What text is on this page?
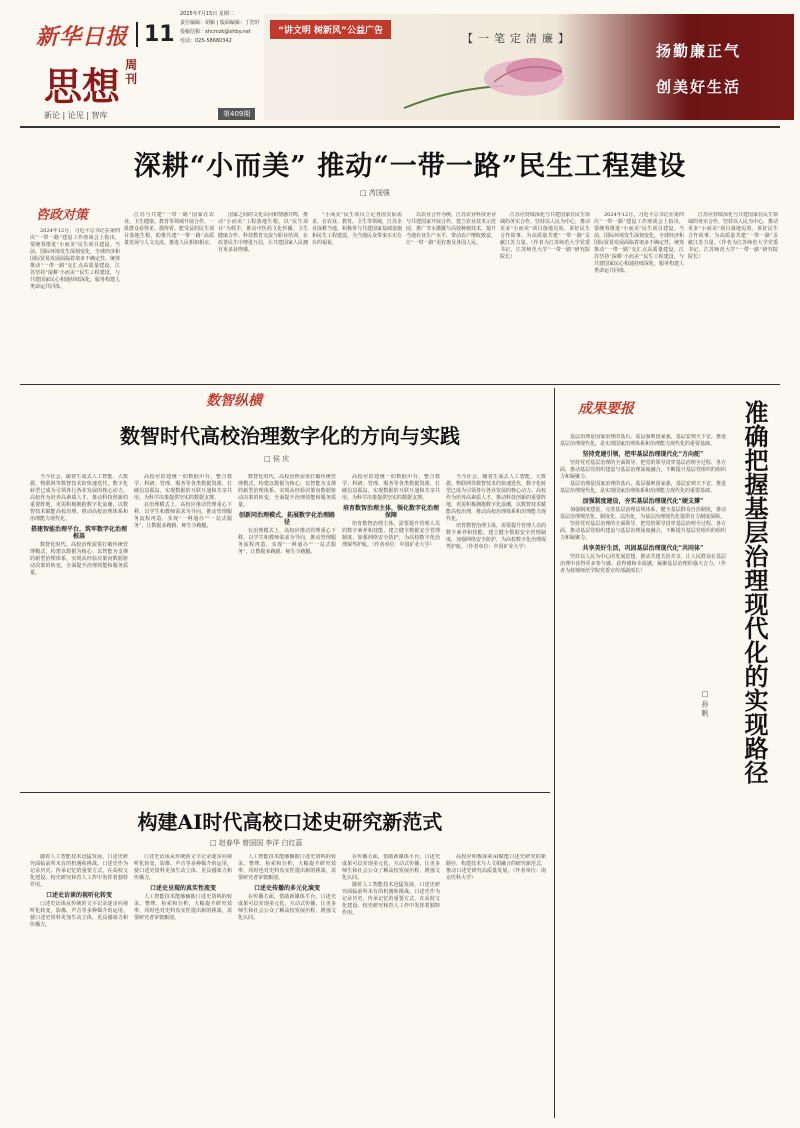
新华日报 11
2025年7月15日 星期二
责任编辑：胡颖 | 版面编辑：丁浩轩
投稿信箱：xhcmzk@xhby.net
电话：025-58680342
思想 周刊
新论 | 论见 | 智库	第409期
“讲文明 树新风”公益广告
【一笔定清廉】
扬勤廉正气
创美好生活
深耕“小而美” 推动“一带一路”民生工程建设
□ 芮国强
咨政对策

2024年12月，习近平总书记在第四次“一带一路”建设工作座谈会上指出，要统筹推进“小而美”民生项目建设。当前，国际环境发生深刻变化，全球经济和国际贸易发展面临着诸多不确定性。统筹推动“一带一路”交汇点高质量建设，江苏坚持“深耕‘小而美’”民生工程建设，与共建国家民心相通持续深化，服务构建人类命运共同体。

江苏与共建“一带一路”国家在农业、卫生健康、教育等领域开展合作，一批群众看得见、摸得着、能受益的民生项目落地生根，助推共建“一带一路”高质量发展与人文交流，推进人民相知相亲。

国家之间的文化认同和情感共鸣，推动“小而美”工程落地生根。以“民生项目”为抓手，推动中医药文化传播、卫生健康合作、科技教育交流与职业培训，在改善民生中增进互信，让共建国家人民拥有更多获得感。

“小而美”民生项目立足各国实际需求，在农业、教育、卫生等领域，江苏企业深耕当地，积极参与共建国家基础设施和民生工程建设，为当地民众带来实实在在的福祉。

以农业合作为例，江苏农业科技企业与共建国家开展合作，建立农业技术示范园，推广节水灌溉与高效种植技术，提升当地农业生产水平，带动农户增收致富，让“一带一路”更好惠及各国人民。

江苏应持续深化与共建国家在民生领域的务实合作，坚持以人民为中心，推动更多“小而美”项目落地见效，讲好民生合作故事，为高质量共建“一带一路”贡献江苏力量。（作者为江苏师范大学党委书记、江苏师范大学“一带一路”研究院院长）

2024年12月，习近平总书记在第四次“一带一路”建设工作座谈会上指出，要统筹推进“小而美”民生项目建设。当前，国际环境发生深刻变化，全球经济和国际贸易发展面临着诸多不确定性。统筹推动“一带一路”交汇点高质量建设，江苏坚持“深耕‘小而美’”民生工程建设，与共建国家民心相通持续深化，服务构建人类命运共同体。

江苏应持续深化与共建国家在民生领域的务实合作，坚持以人民为中心，推动更多“小而美”项目落地见效，讲好民生合作故事，为高质量共建“一带一路”贡献江苏力量。（作者为江苏师范大学党委书记、江苏师范大学“一带一路”研究院院长）

数智纵横
数智时代高校治理数字化的方向与实践
□ 侯 庆

当今社会，随着生成式人工智能、大数据、物联网等数智技术的快速迭代，数字化转型已成为引领各行各业发展的核心动力。高校作为培养高素质人才、推动科技创新的重要阵地，更需积极拥抱数字化浪潮，以数智技术赋能高校治理，推动高校治理体系和治理能力现代化。

搭建智能治理平台，筑牢数字化治理根基

数智化时代，高校治理需要打破传统管理模式，构建以数据为核心、以智能为支撑的新型治理体系，实现从经验决策向数据驱动决策的转变，全面提升治理效能和服务质量。

高校应搭建统一的数据中台，整合教学、科研、管理、服务等各类数据资源，打破信息孤岛，实现数据的互联互通和共享共用，为科学决策提供坚实的数据支撑。

在治理模式上，高校应推动管理重心下移，以学生和教师需求为导向，推动管理服务流程再造，实现“一网通办”“一站式服务”，让数据多跑路、师生少跑腿。

数智化时代，高校治理需要打破传统管理模式，构建以数据为核心、以智能为支撑的新型治理体系，实现从经验决策向数据驱动决策的转变，全面提升治理效能和服务质量。

创新同治理模式，拓展数字化治理路径

在治理模式上，高校应推动管理重心下移，以学生和教师需求为导向，推动管理服务流程再造，实现“一网通办”“一站式服务”，让数据多跑路、师生少跑腿。

高校应搭建统一的数据中台，整合教学、科研、管理、服务等各类数据资源，打破信息孤岛，实现数据的互联互通和共享共用，为科学决策提供坚实的数据支撑。

培育数智治理主体，强化数字化治理保障

培育数智治理主体，需要提升管理人员的数字素养和技能，建立健全数据安全管理制度，加强网络安全防护，为高校数字化治理保驾护航。（作者单位：中国矿业大学）

当今社会，随着生成式人工智能、大数据、物联网等数智技术的快速迭代，数字化转型已成为引领各行各业发展的核心动力。高校作为培养高素质人才、推动科技创新的重要阵地，更需积极拥抱数字化浪潮，以数智技术赋能高校治理，推动高校治理体系和治理能力现代化。

培育数智治理主体，需要提升管理人员的数字素养和技能，建立健全数据安全管理制度，加强网络安全防护，为高校数字化治理保驾护航。（作者单位：中国矿业大学）

构建AI时代高校口述史研究新范式
□ 赵春华 曾国国 李洋 白红蕊

随着人工智能技术迅猛发展，口述史研究面临前所未有的机遇和挑战。口述史作为记录历史、传承记忆的重要方式，在高校文化建设、校史研究和育人工作中发挥着独特作用。

口述史访谈的视听化转变

口述史访谈从传统的文字记录逐步向视听化转变，影像、声音等多种媒介的运用，使口述史资料更加生动立体，更具感染力和传播力。

口述史访谈从传统的文字记录逐步向视听化转变，影像、声音等多种媒介的运用，使口述史资料更加生动立体，更具感染力和传播力。

口述史呈现的真实性流变

人工智能技术能够辅助口述史资料的转录、整理、检索和分析，大幅提升研究效率，同时也对史料真实性提出新的挑战，需要研究者审慎甄别。

人工智能技术能够辅助口述史资料的转录、整理、检索和分析，大幅提升研究效率，同时也对史料真实性提出新的挑战，需要研究者审慎甄别。

口述史传播的多元化演变

在传播方面，借助新媒体平台，口述史成果可以实现多元化、互动式传播，让更多师生和社会公众了解高校发展历程，增强文化认同。

在传播方面，借助新媒体平台，口述史成果可以实现多元化、互动式传播，让更多师生和社会公众了解高校发展历程，增强文化认同。

随着人工智能技术迅猛发展，口述史研究面临前所未有的机遇和挑战。口述史作为记录历史、传承记忆的重要方式，在高校文化建设、校史研究和育人工作中发挥着独特作用。

高校应积极探索AI赋能口述史研究的新路径，构建技术与人文相融合的研究新范式，推动口述史研究高质量发展。（作者单位：南京医科大学）

成果要报	准确把握基层治理现代化的实现路径
□ 孙 帆

基层治理是国家治理的基石。基层强则国家强，基层安则天下安。推进基层治理现代化，是实现国家治理体系和治理能力现代化的重要基础。

坚持党建引领，把牢基层治理现代化“方向舵”

坚持党对基层治理的全面领导，把党的领导贯穿基层治理全过程、各方面，推动基层党组织建设与基层治理深度融合，不断提升基层党组织的组织力和凝聚力。

基层治理是国家治理的基石。基层强则国家强，基层安则天下安。推进基层治理现代化，是实现国家治理体系和治理能力现代化的重要基础。

加强制度建设，夯实基层治理现代化“硬支撑”

加强制度建设，完善基层治理法规体系，健全基层群众自治制度，推动基层治理规范化、制度化、法治化，为基层治理现代化提供有力制度保障。

坚持党对基层治理的全面领导，把党的领导贯穿基层治理全过程、各方面，推动基层党组织建设与基层治理深度融合，不断提升基层党组织的组织力和凝聚力。

共享美好生活，巩固基层治理现代化“共同体”

坚持以人民为中心的发展思想，推动共建共治共享，让人民群众在基层治理中获得更多参与感、获得感和幸福感，凝聚基层治理的强大合力。（作者为盐城师范学院党委宣传部副部长）
